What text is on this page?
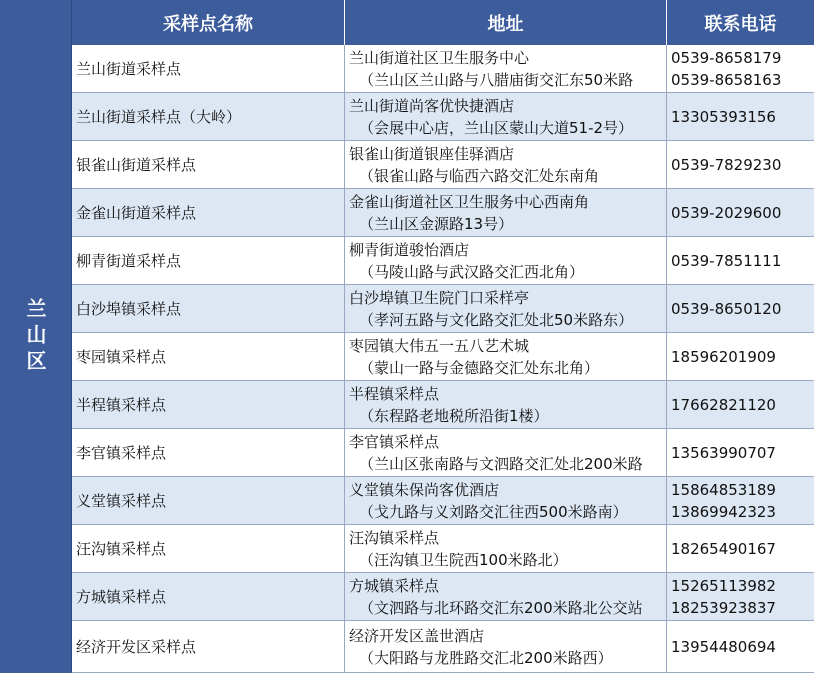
兰山区
采样点名称	地址	联系电话
兰山街道采样点
兰山街道社区卫生服务中心
（兰山区兰山路与八腊庙街交汇东50米路
0539-8658179
0539-8658163
兰山街道采样点（大岭）
兰山街道尚客优快捷酒店
（会展中心店，兰山区蒙山大道51-2号）
13305393156
银雀山街道采样点
银雀山街道银座佳驿酒店
（银雀山路与临西六路交汇处东南角
0539-7829230
金雀山街道采样点
金雀山街道社区卫生服务中心西南角
（兰山区金源路13号）
0539-2029600
柳青街道采样点
柳青街道骏怡酒店
（马陵山路与武汉路交汇西北角）
0539-7851111
白沙埠镇采样点
白沙埠镇卫生院门口采样亭
（孝河五路与文化路交汇处北50米路东）
0539-8650120
枣园镇采样点
枣园镇大伟五一五八艺术城
（蒙山一路与金德路交汇处东北角）
18596201909
半程镇采样点
半程镇采样点
（东程路老地税所沿街1楼）
17662821120
李官镇采样点
李官镇采样点
（兰山区张南路与文泗路交汇处北200米路
13563990707
义堂镇采样点
义堂镇朱保尚客优酒店
（戈九路与义刘路交汇往西500米路南）
15864853189
13869942323
汪沟镇采样点
汪沟镇采样点
（汪沟镇卫生院西100米路北）
18265490167
方城镇采样点
方城镇采样点
（文泗路与北环路交汇东200米路北公交站
15265113982
18253923837
经济开发区采样点
经济开发区盖世酒店
（大阳路与龙胜路交汇北200米路西）
13954480694
